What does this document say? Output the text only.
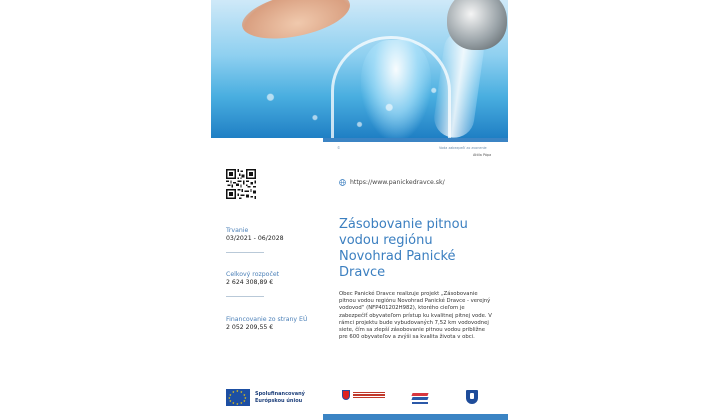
©	Voda zabezpečí zo zvonenie
Attila Pápa
https://www.panickedravce.sk/
Trvanie
03/2021 - 06/2028
Celkový rozpočet
2 624 308,89 €
Financovanie zo strany EÚ
2 052 209,55 €
Zásobovanie pitnou vodou regiónu Novohrad Panické Dravce

Obec Panické Dravce realizuje projekt „Zásobovanie pitnou vodou regiónu Novohrad Panické Dravce - verejný vodovod“ (NFP401202H982), ktorého cieľom je zabezpečiť obyvateľom prístup ku kvalitnej pitnej vode. V rámci projektu bude vybudovaných 7,52 km vodovodnej siete, čím sa zlepší zásobovanie pitnou vodou približne pre 600 obyvateľov a zvýši sa kvalita života v obci.

★ ★
★
★
★
★
★
★
★
★
★
★	Spolufinancovaný
Európskou úniou
